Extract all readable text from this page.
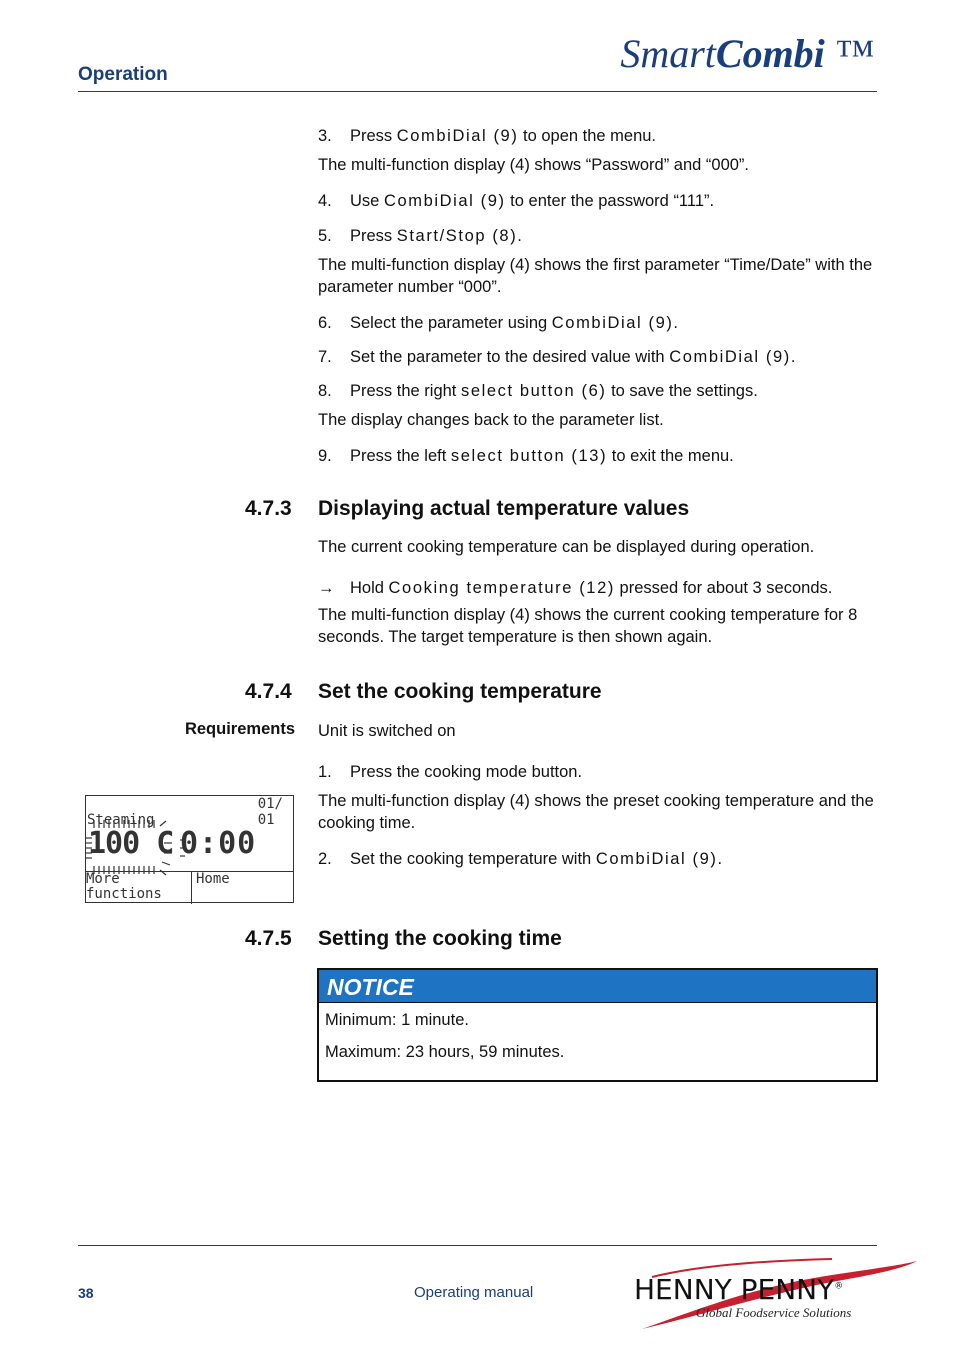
Operation	SmartCombi ™
3.	Press CombiDial (9) to open the menu.
The multi-function display (4) shows “Password” and “000”.
4.	Use CombiDial (9) to enter the password “111”.
5.	Press Start/Stop (8).
The multi-function display (4) shows the first parameter “Time/Date” with the parameter number “000”.
6.	Select the parameter using CombiDial (9).
7.	Set the parameter to the desired value with CombiDial (9).
8.	Press the right select button (6) to save the settings.
The display changes back to the parameter list.
9.	Press the left select button (13) to exit the menu.
4.7.3	Displaying actual temperature values
The current cooking temperature can be displayed during operation.
→ Hold Cooking temperature (12) pressed for about 3 seconds.
The multi-function display (4) shows the current cooking temperature for 8 seconds. The target temperature is then shown again.
4.7.4	Set the cooking temperature
Requirements Unit is switched on
1.	Press the cooking mode button.
The multi-function display (4) shows the preset cooking temperature and the cooking time.
2.	Set the cooking temperature with CombiDial (9).
01/
01
Steaming
100 C 0:00
More
functions
Home
4.7.5	Setting the cooking time
NOTICE
Minimum: 1 minute.
Maximum: 23 hours, 59 minutes.
38	Operating manual	HENNY PENNY®
Global Foodservice Solutions
